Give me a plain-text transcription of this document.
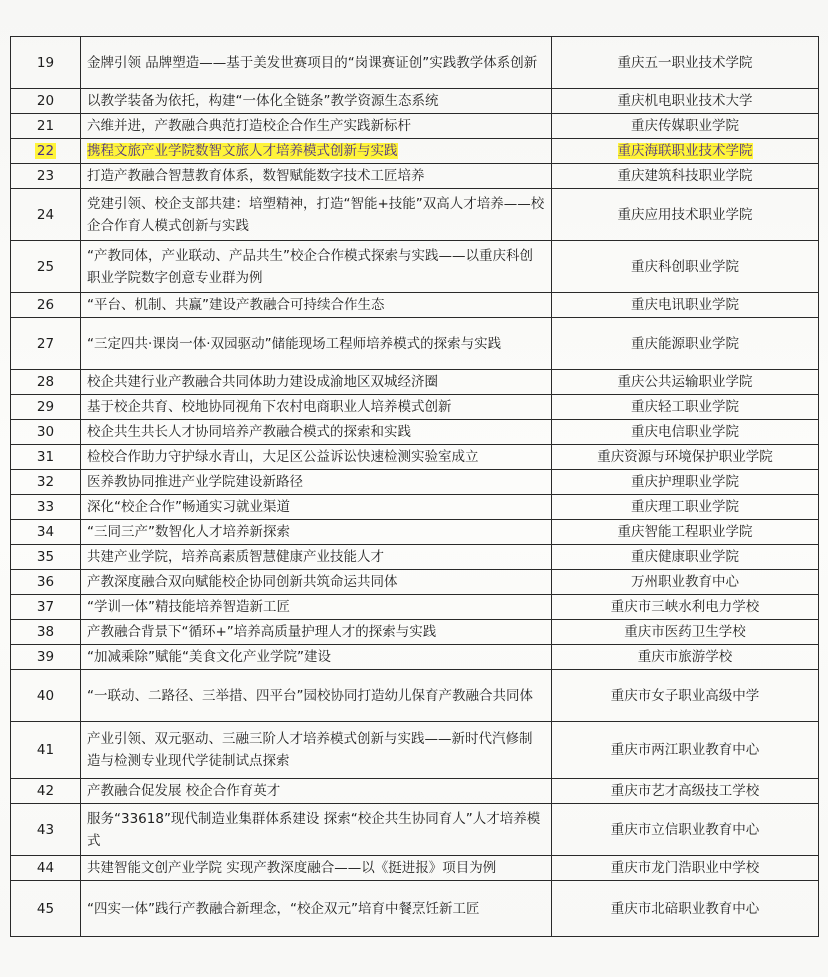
19	金牌引领 品牌塑造——基于美发世赛项目的“岗课赛证创”实践教学体系创新	重庆五一职业技术学院
20	以教学装备为依托，构建“一体化全链条”教学资源生态系统	重庆机电职业技术大学
21	六维并进，产教融合典范打造校企合作生产实践新标杆	重庆传媒职业学院
22	携程文旅产业学院数智文旅人才培养模式创新与实践	重庆海联职业技术学院
23	打造产教融合智慧教育体系，数智赋能数字技术工匠培养	重庆建筑科技职业学院
24	党建引领、校企支部共建：培塑精神，打造“智能+技能”双高人才培养——校企合作育人模式创新与实践	重庆应用技术职业学院
25	“产教同体，产业联动、产品共生”校企合作模式探索与实践——以重庆科创职业学院数字创意专业群为例	重庆科创职业学院
26	“平台、机制、共赢”建设产教融合可持续合作生态	重庆电讯职业学院
27	“三定四共·课岗一体·双园驱动”储能现场工程师培养模式的探索与实践	重庆能源职业学院
28	校企共建行业产教融合共同体助力建设成渝地区双城经济圈	重庆公共运输职业学院
29	基于校企共育、校地协同视角下农村电商职业人培养模式创新	重庆轻工职业学院
30	校企共生共长人才协同培养产教融合模式的探索和实践	重庆电信职业学院
31	检校合作助力守护绿水青山，大足区公益诉讼快速检测实验室成立	重庆资源与环境保护职业学院
32	医养教协同推进产业学院建设新路径	重庆护理职业学院
33	深化“校企合作”畅通实习就业渠道	重庆理工职业学院
34	“三同三产”数智化人才培养新探索	重庆智能工程职业学院
35	共建产业学院，培养高素质智慧健康产业技能人才	重庆健康职业学院
36	产教深度融合双向赋能校企协同创新共筑命运共同体	万州职业教育中心
37	“学训一体”精技能培养智造新工匠	重庆市三峡水利电力学校
38	产教融合背景下“循环+”培养高质量护理人才的探索与实践	重庆市医药卫生学校
39	“加减乘除”赋能“美食文化产业学院”建设	重庆市旅游学校
40	“一联动、二路径、三举措、四平台”园校协同打造幼儿保育产教融合共同体	重庆市女子职业高级中学
41	产业引领、双元驱动、三融三阶人才培养模式创新与实践——新时代汽修制造与检测专业现代学徒制试点探索	重庆市两江职业教育中心
42	产教融合促发展 校企合作育英才	重庆市艺才高级技工学校
43	服务“33618”现代制造业集群体系建设 探索“校企共生协同育人”人才培养模式	重庆市立信职业教育中心
44	共建智能文创产业学院 实现产教深度融合——以《挺进报》项目为例	重庆市龙门浩职业中学校
45	“四实一体”践行产教融合新理念，“校企双元”培育中餐烹饪新工匠	重庆市北碚职业教育中心
